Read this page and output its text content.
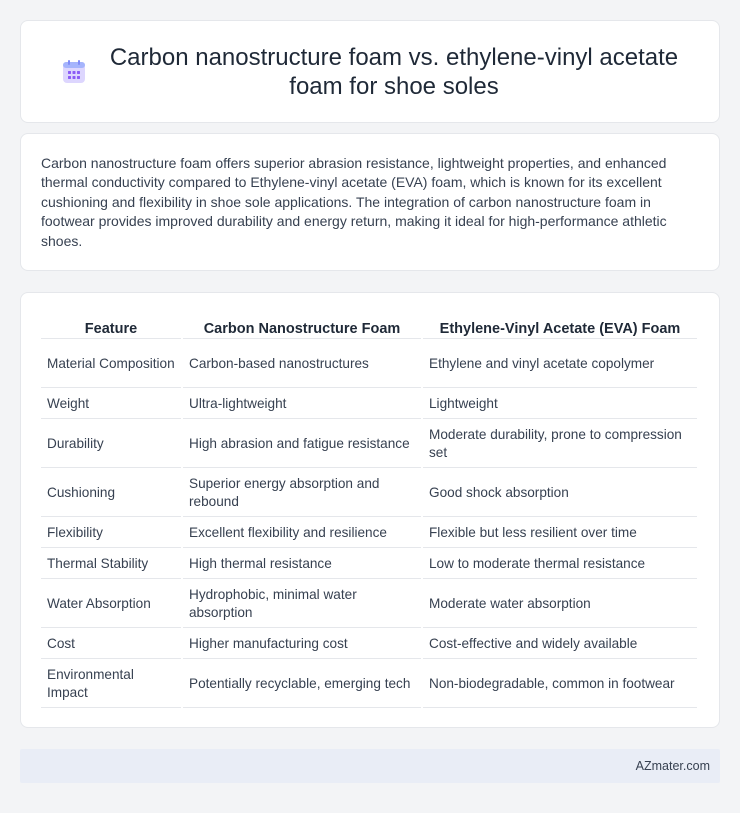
Carbon nanostructure foam vs. ethylene-vinyl acetate foam for shoe soles

Carbon nanostructure foam offers superior abrasion resistance, lightweight properties, and enhanced thermal conductivity compared to Ethylene-vinyl acetate (EVA) foam, which is known for its excellent cushioning and flexibility in shoe sole applications. The integration of carbon nanostructure foam in footwear provides improved durability and energy return, making it ideal for high-performance athletic shoes.

Feature	Carbon Nanostructure Foam	Ethylene-Vinyl Acetate (EVA) Foam
Material Composition	Carbon-based nanostructures	Ethylene and vinyl acetate copolymer
Weight	Ultra-lightweight	Lightweight
Durability	High abrasion and fatigue resistance	Moderate durability, prone to compression set
Cushioning	Superior energy absorption and rebound	Good shock absorption
Flexibility	Excellent flexibility and resilience	Flexible but less resilient over time
Thermal Stability	High thermal resistance	Low to moderate thermal resistance
Water Absorption	Hydrophobic, minimal water absorption	Moderate water absorption
Cost	Higher manufacturing cost	Cost-effective and widely available
Environmental Impact	Potentially recyclable, emerging tech	Non-biodegradable, common in footwear
AZmater.com
